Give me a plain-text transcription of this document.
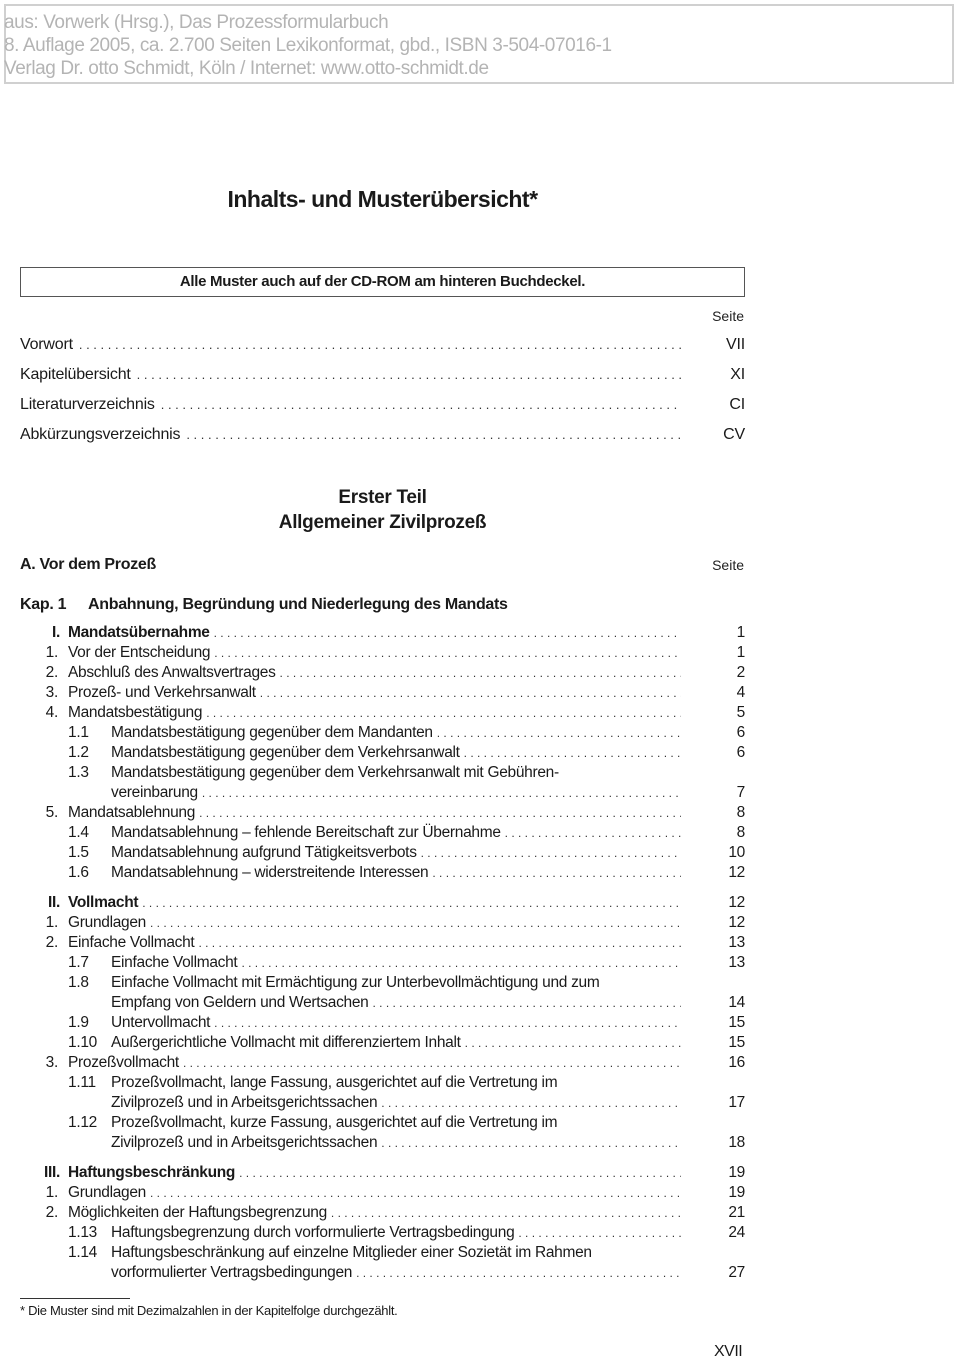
aus: Vorwerk (Hrsg.), Das Prozessformularbuch
8. Auflage 2005, ca. 2.700 Seiten Lexikonformat, gbd., ISBN 3-504-07016-1
Verlag Dr. otto Schmidt, Köln / Internet: www.otto-schmidt.de
Inhalts- und Musterübersicht*
Alle Muster auch auf der CD-ROM am hinteren Buchdeckel.
Seite
Vorwort . . .	VII
Kapitelübersicht . . .	XI
Literaturverzeichnis . . .	CI
Abkürzungsverzeichnis . . .	CV
Erster Teil
Allgemeiner Zivilprozeß
A. Vor dem Prozeß	Seite
Kap. 1 Anbahnung, Begründung und Niederlegung des Mandats
I. Mandatsübernahme . . .	1
1. Vor der Entscheidung . . .	1
2. Abschluß des Anwaltsvertrages . . .	2
3. Prozeß- und Verkehrsanwalt . . .	4
4. Mandatsbestätigung . . .	5
1.1	Mandatsbestätigung gegenüber dem Mandanten . . .	6
1.2	Mandatsbestätigung gegenüber dem Verkehrsanwalt . . .	6
1.3	Mandatsbestätigung gegenüber dem Verkehrsanwalt mit Gebühren-
vereinbarung . . .	7
5. Mandatsablehnung . . .	8
1.4	Mandatsablehnung – fehlende Bereitschaft zur Übernahme . . .	8
1.5	Mandatsablehnung aufgrund Tätigkeitsverbots . . .	10
1.6	Mandatsablehnung – widerstreitende Interessen . . .	12
II. Vollmacht . . .	12
1. Grundlagen . . .	12
2. Einfache Vollmacht . . .	13
1.7	Einfache Vollmacht . . .	13
1.8	Einfache Vollmacht mit Ermächtigung zur Unterbevollmächtigung und zum
Empfang von Geldern und Wertsachen . . .	14
1.9	Untervollmacht . . .	15
1.10 Außergerichtliche Vollmacht mit differenziertem Inhalt . . .	15
3. Prozeßvollmacht . . .	16
1.11 Prozeßvollmacht, lange Fassung, ausgerichtet auf die Vertretung im
Zivilprozeß und in Arbeitsgerichtssachen . . .	17
1.12 Prozeßvollmacht, kurze Fassung, ausgerichtet auf die Vertretung im
Zivilprozeß und in Arbeitsgerichtssachen . . .	18
III. Haftungsbeschränkung . . .	19
1. Grundlagen . . .	19
2. Möglichkeiten der Haftungsbegrenzung . . .	21
1.13 Haftungsbegrenzung durch vorformulierte Vertragsbedingung . . .	24
1.14 Haftungsbeschränkung auf einzelne Mitglieder einer Sozietät im Rahmen
vorformulierter Vertragsbedingungen . . .	27
* Die Muster sind mit Dezimalzahlen in der Kapitelfolge durchgezählt.
XVII
